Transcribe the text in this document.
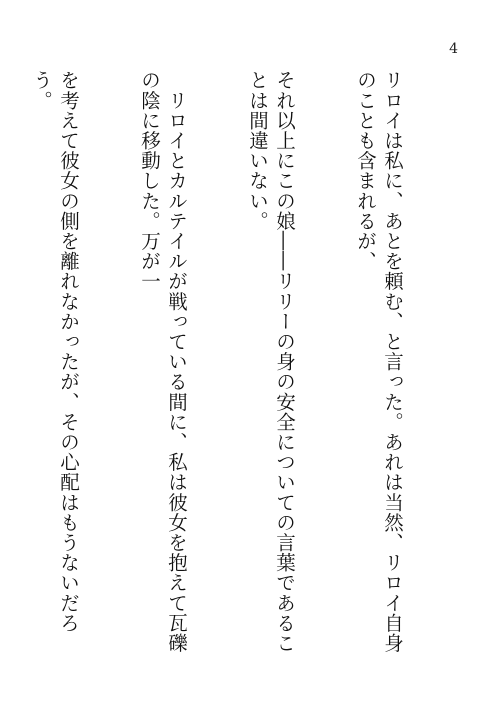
4

リロイは私に、あとを頼む、と言った。あれは当然、リロイ自身のことも含まれるが、

それ以上にこの娘――リリーの身の安全についての言葉であることは間違いない。

　リロイとカルテイルが戦っている間に、私は彼女を抱えて瓦礫の陰に移動した。万が一

を考えて彼女の側を離れなかったが、その心配はもうないだろう。
